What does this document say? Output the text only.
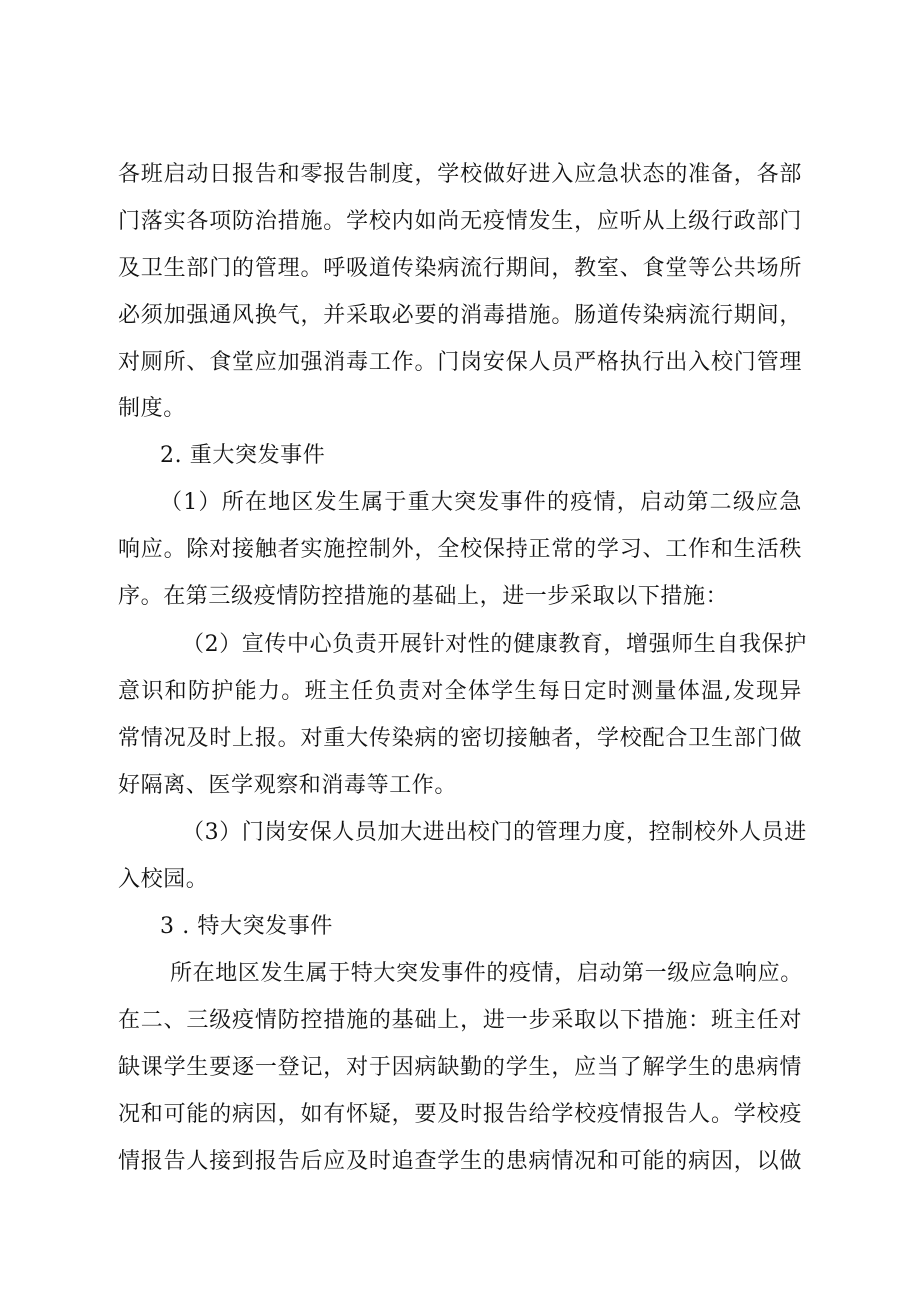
各班启动日报告和零报告制度，学校做好进入应急状态的准备，各部

门落实各项防治措施。学校内如尚无疫情发生，应听从上级行政部门

及卫生部门的管理。呼吸道传染病流行期间，教室、食堂等公共场所

必须加强通风换气，并采取必要的消毒措施。肠道传染病流行期间，

对厕所、食堂应加强消毒工作。门岗安保人员严格执行出入校门管理

制度。

2. 重大突发事件

（1）所在地区发生属于重大突发事件的疫情，启动第二级应急

响应。除对接触者实施控制外，全校保持正常的学习、工作和生活秩

序。在第三级疫情防控措施的基础上，进一步采取以下措施：

（2）宣传中心负责开展针对性的健康教育，增强师生自我保护

意识和防护能力。班主任负责对全体学生每日定时测量体温,发现异

常情况及时上报。对重大传染病的密切接触者，学校配合卫生部门做

好隔离、医学观察和消毒等工作。

（3）门岗安保人员加大进出校门的管理力度，控制校外人员进

入校园。

3 . 特大突发事件

所在地区发生属于特大突发事件的疫情，启动第一级应急响应。

在二、三级疫情防控措施的基础上，进一步采取以下措施：班主任对

缺课学生要逐一登记，对于因病缺勤的学生，应当了解学生的患病情

况和可能的病因，如有怀疑，要及时报告给学校疫情报告人。学校疫

情报告人接到报告后应及时追查学生的患病情况和可能的病因，以做
